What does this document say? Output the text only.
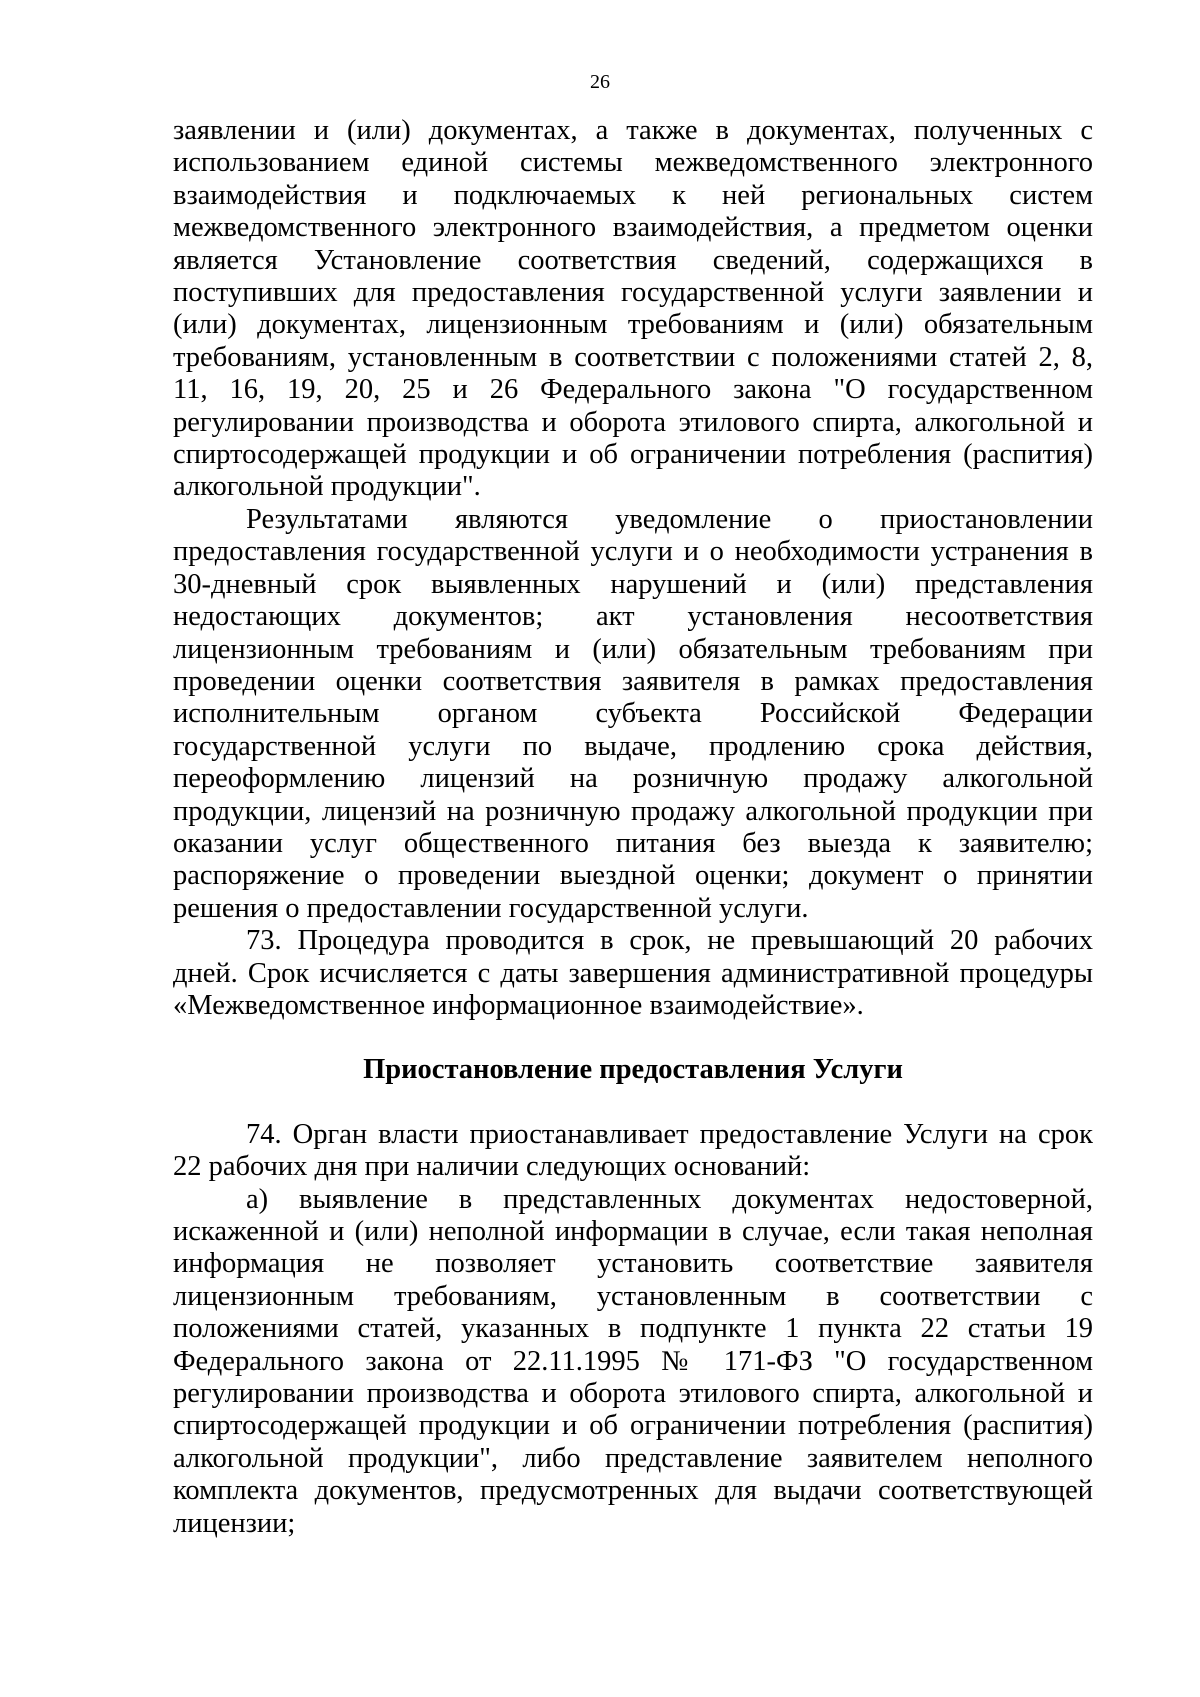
26

заявлении и (или) документах, а также в документах, полученных с использованием единой системы межведомственного электронного взаимодействия и подключаемых к ней региональных систем межведомственного электронного взаимодействия, а предметом оценки является Установление соответствия сведений, содержащихся в поступивших для предоставления государственной услуги заявлении и (или) документах, лицензионным требованиям и (или) обязательным требованиям, установленным в соответствии с положениями статей 2, 8, 11, 16, 19, 20, 25 и 26 Федерального закона "О государственном регулировании производства и оборота этилового спирта, алкогольной и спиртосодержащей продукции и об ограничении потребления (распития) алкогольной продукции".

Результатами являются уведомление о приостановлении предоставления государственной услуги и о необходимости устранения в 30-дневный срок выявленных нарушений и (или) представления недостающих документов; акт установления несоответствия лицензионным требованиям и (или) обязательным требованиям при проведении оценки соответствия заявителя в рамках предоставления исполнительным органом субъекта Российской Федерации государственной услуги по выдаче, продлению срока действия, переоформлению лицензий на розничную продажу алкогольной продукции, лицензий на розничную продажу алкогольной продукции при оказании услуг общественного питания без выезда к заявителю; распоряжение о проведении выездной оценки; документ о принятии решения о предоставлении государственной услуги.

73. Процедура проводится в срок, не превышающий 20 рабочих дней. Срок исчисляется с даты завершения административной процедуры «Межведомственное информационное взаимодействие».

Приостановление предоставления Услуги

74. Орган власти приостанавливает предоставление Услуги на срок 22 рабочих дня при наличии следующих оснований:

а) выявление в представленных документах недостоверной, искаженной и (или) неполной информации в случае, если такая неполная информация не позволяет установить соответствие заявителя лицензионным требованиям, установленным в соответствии с положениями статей, указанных в подпункте 1 пункта 22 статьи 19 Федерального закона от 22.11.1995 № 171-ФЗ "О государственном регулировании производства и оборота этилового спирта, алкогольной и спиртосодержащей продукции и об ограничении потребления (распития) алкогольной продукции", либо представление заявителем неполного комплекта документов, предусмотренных для выдачи соответствующей лицензии;
